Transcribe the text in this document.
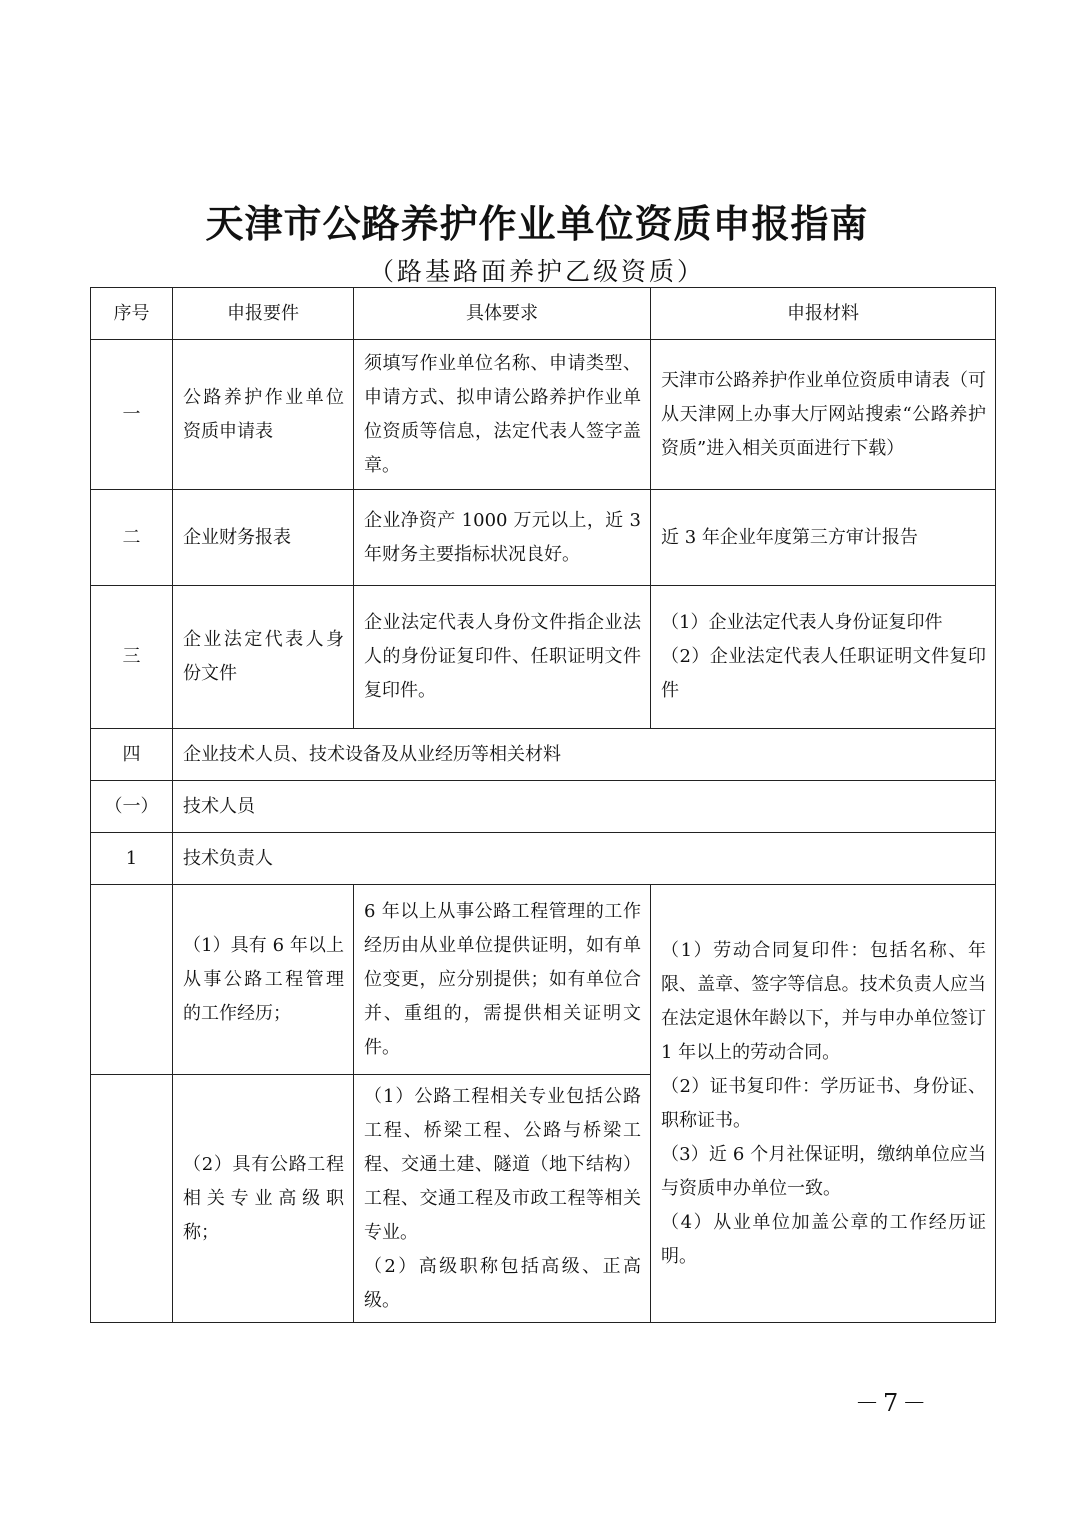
天津市公路养护作业单位资质申报指南
（路基路面养护乙级资质）
序号	申报要件	具体要求	申报材料
一	公路养护作业单位资质申请表	须填写作业单位名称、申请类型、申请方式、拟申请公路养护作业单位资质等信息，法定代表人签字盖章。	天津市公路养护作业单位资质申请表（可从天津网上办事大厅网站搜索“公路养护资质”进入相关页面进行下载）
二	企业财务报表	企业净资产 1000 万元以上，近 3 年财务主要指标状况良好。	近 3 年企业年度第三方审计报告
三	企业法定代表人身份文件	企业法定代表人身份文件指企业法人的身份证复印件、任职证明文件复印件。	（1）企业法定代表人身份证复印件
（2）企业法定代表人任职证明文件复印件

四	企业技术人员、技术设备及从业经历等相关材料		
（一）	技术人员		
1	技术负责人		
	（1）具有 6 年以上从事公路工程管理的工作经历；	6 年以上从事公路工程管理的工作经历由从业单位提供证明，如有单位变更，应分别提供；如有单位合并、重组的，需提供相关证明文件。	（1）劳动合同复印件：包括名称、年限、盖章、签字等信息。技术负责人应当在法定退休年龄以下，并与申办单位签订 1 年以上的劳动合同。
（2）证书复印件：学历证书、身份证、职称证书。
（3）近 6 个月社保证明，缴纳单位应当与资质申办单位一致。
（4）从业单位加盖公章的工作经历证明。

	（2）具有公路工程相关专业高级职称；	（1）公路工程相关专业包括公路工程、桥梁工程、公路与桥梁工程、交通土建、隧道（地下结构）工程、交通工程及市政工程等相关专业。
（2）高级职称包括高级、正高级。	
－7－
